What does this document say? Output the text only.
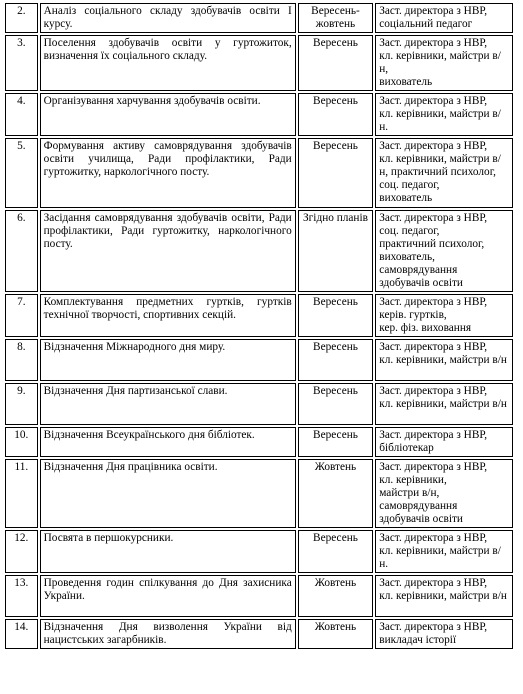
2.	Аналіз соціального складу здобувачів освіти І курсу.	Вересень-жовтень	Заст. директора з НВР,
соціальний педагог

3.	Поселення здобувачів освіти у гуртожиток, визначення їх соціального складу.	Вересень	Заст. директора з НВР,
кл. керівники, майстри в/н,
вихователь

4.	Організування харчування здобувачів освіти.	Вересень	Заст. директора з НВР,
кл. керівники, майстри в/н.

5.	Формування активу самоврядування здобувачів освіти училища, Ради профілактики, Ради гуртожитку, наркологічного посту.	Вересень	Заст. директора з НВР,
кл. керівники, майстри в/н, практичний психолог, соц. педагог,
вихователь

6.	Засідання самоврядування здобувачів освіти, Ради профілактики, Ради гуртожитку, наркологічного посту.	Згідно планів	Заст. директора з НВР,
соц. педагог,
практичний психолог,
вихователь,
самоврядування здобувачів освіти

7.	Комплектування предметних гуртків, гуртків технічної творчості, спортивних секцій.	Вересень	Заст. директора з НВР,
керів. гуртків,
кер. фіз. виховання

8.	Відзначення Міжнародного дня миру.	Вересень	Заст. директора з НВР,
кл. керівники, майстри в/н

9.	Відзначення Дня партизанської слави.	Вересень	Заст. директора з НВР,
кл. керівники, майстри в/н

10.	Відзначення Всеукраїнського дня бібліотек.	Вересень	Заст. директора з НВР,
бібліотекар

11.	Відзначення Дня працівника освіти.	Жовтень	Заст. директора з НВР,
кл. керівники,
майстри в/н, самоврядування здобувачів освіти

12.	Посвята в першокурсники.	Вересень	Заст. директора з НВР,
кл. керівники, майстри в/н.

13.	Проведення годин спілкування до Дня захисника України.	Жовтень	Заст. директора з НВР,
кл. керівники, майстри в/н

14.	Відзначення Дня визволення України від нацистських загарбників.	Жовтень	Заст. директора з НВР,
викладач історії
